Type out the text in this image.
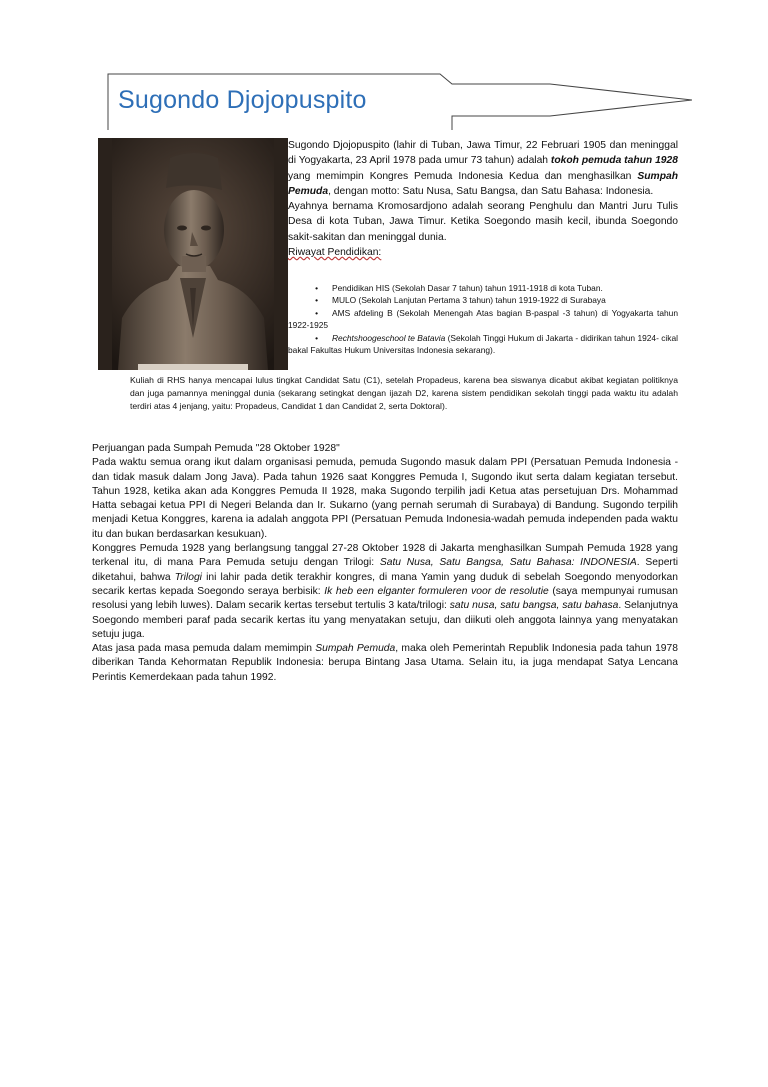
Sugondo Djojopuspito

Sugondo Djojopuspito (lahir di Tuban, Jawa Timur, 22 Februari 1905 dan meninggal di Yogyakarta, 23 April 1978 pada umur 73 tahun) adalah tokoh pemuda tahun 1928 yang memimpin Kongres Pemuda Indonesia Kedua dan menghasilkan Sumpah Pemuda, dengan motto: Satu Nusa, Satu Bangsa, dan Satu Bahasa: Indonesia.

Ayahnya bernama Kromosardjono adalah seorang Penghulu dan Mantri Juru Tulis Desa di kota Tuban, Jawa Timur. Ketika Soegondo masih kecil, ibunda Soegondo sakit-sakitan dan meninggal dunia.

Riwayat Pendidikan:

• Pendidikan HIS (Sekolah Dasar 7 tahun) tahun 1911-1918 di kota Tuban.
• MULO (Sekolah Lanjutan Pertama 3 tahun) tahun 1919-1922 di Surabaya
• AMS afdeling B (Sekolah Menengah Atas bagian B-paspal -3 tahun) di Yogyakarta tahun 1922-1925
• Rechtshoogeschool te Batavia (Sekolah Tinggi Hukum di Jakarta - didirikan tahun 1924- cikal bakal Fakultas Hukum Universitas Indonesia sekarang).
Kuliah di RHS hanya mencapai lulus tingkat Candidat Satu (C1), setelah Propadeus, karena bea siswanya dicabut akibat kegiatan politiknya dan juga pamannya meninggal dunia (sekarang setingkat dengan ijazah D2, karena sistem pendidikan sekolah tinggi pada waktu itu adalah terdiri atas 4 jenjang, yaitu: Propadeus, Candidat 1 dan Candidat 2, serta Doktoral).

Perjuangan pada Sumpah Pemuda "28 Oktober 1928"

Pada waktu semua orang ikut dalam organisasi pemuda, pemuda Sugondo masuk dalam PPI (Persatuan Pemuda Indonesia - dan tidak masuk dalam Jong Java). Pada tahun 1926 saat Konggres Pemuda I, Sugondo ikut serta dalam kegiatan tersebut. Tahun 1928, ketika akan ada Konggres Pemuda II 1928, maka Sugondo terpilih jadi Ketua atas persetujuan Drs. Mohammad Hatta sebagai ketua PPI di Negeri Belanda dan Ir. Sukarno (yang pernah serumah di Surabaya) di Bandung. Sugondo terpilih menjadi Ketua Konggres, karena ia adalah anggota PPI (Persatuan Pemuda Indonesia-wadah pemuda independen pada waktu itu dan bukan berdasarkan kesukuan).

Konggres Pemuda 1928 yang berlangsung tanggal 27-28 Oktober 1928 di Jakarta menghasilkan Sumpah Pemuda 1928 yang terkenal itu, di mana Para Pemuda setuju dengan Trilogi: Satu Nusa, Satu Bangsa, Satu Bahasa: INDONESIA. Seperti diketahui, bahwa Trilogi ini lahir pada detik terakhir kongres, di mana Yamin yang duduk di sebelah Soegondo menyodorkan secarik kertas kepada Soegondo seraya berbisik: Ik heb een elganter formuleren voor de resolutie (saya mempunyai rumusan resolusi yang lebih luwes). Dalam secarik kertas tersebut tertulis 3 kata/trilogi: satu nusa, satu bangsa, satu bahasa. Selanjutnya Soegondo memberi paraf pada secarik kertas itu yang menyatakan setuju, dan diikuti oleh anggota lainnya yang menyatakan setuju juga.

Atas jasa pada masa pemuda dalam memimpin Sumpah Pemuda, maka oleh Pemerintah Republik Indonesia pada tahun 1978 diberikan Tanda Kehormatan Republik Indonesia: berupa Bintang Jasa Utama. Selain itu, ia juga mendapat Satya Lencana Perintis Kemerdekaan pada tahun 1992.
